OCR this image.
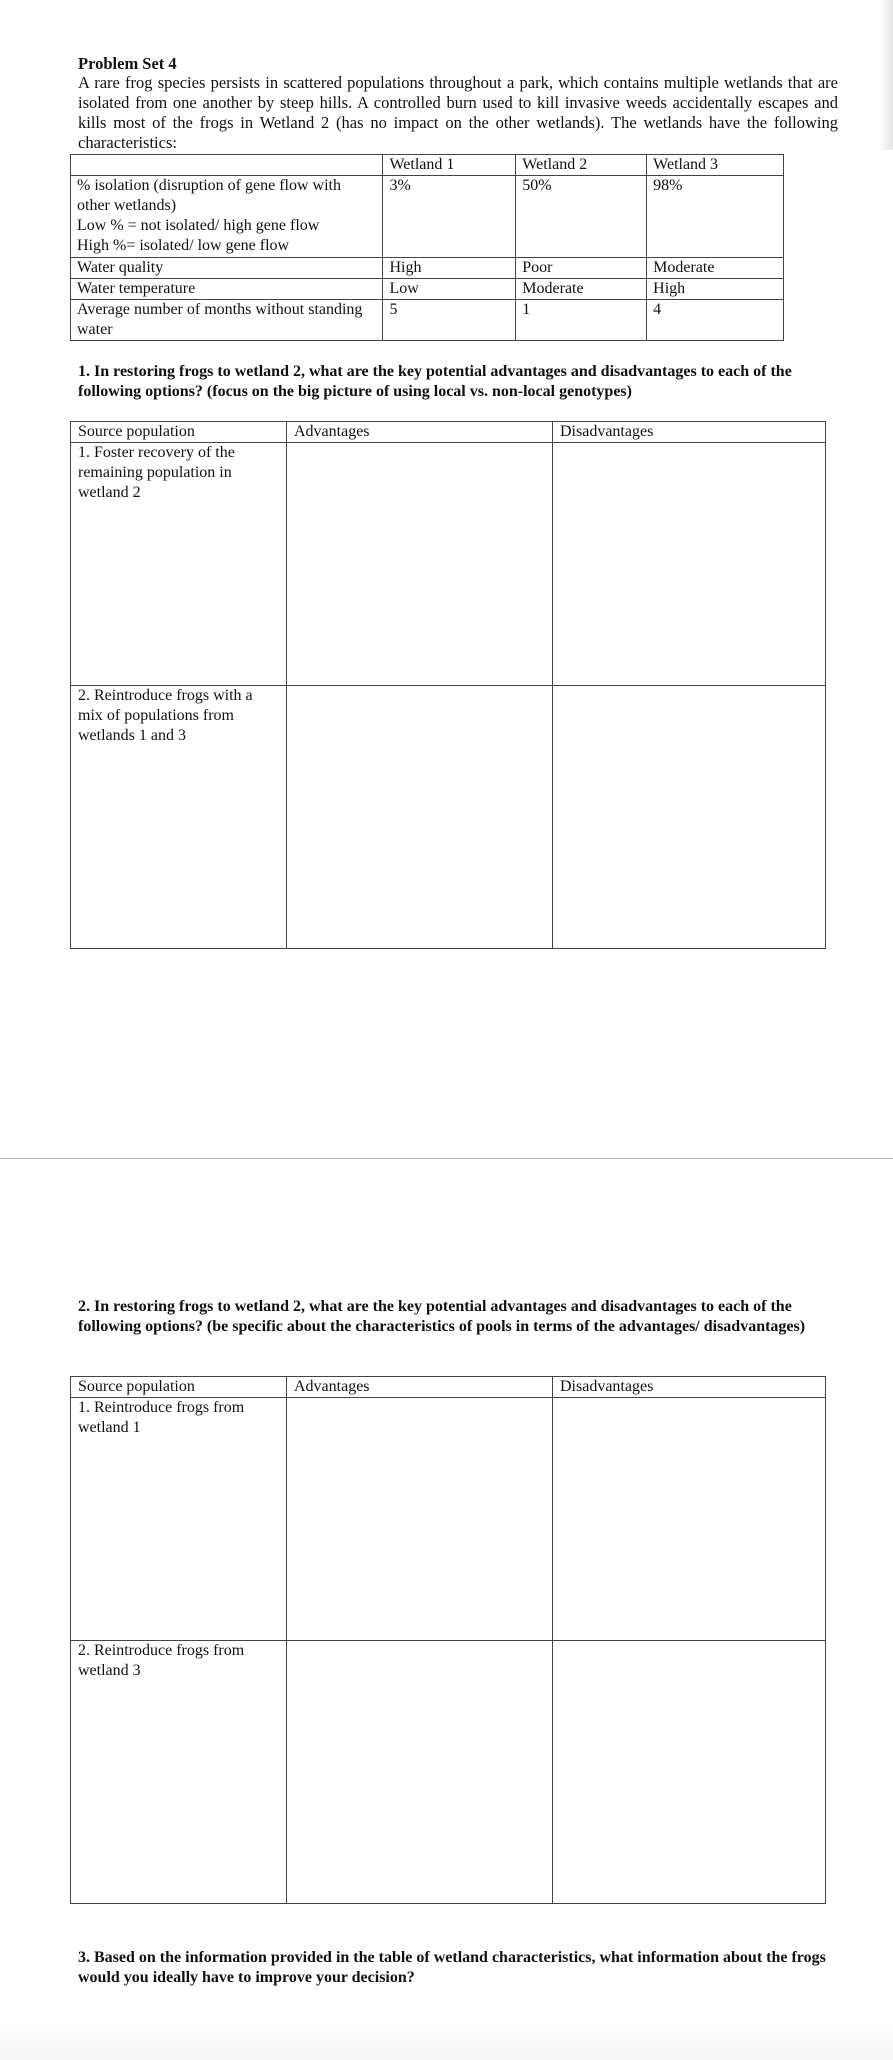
Problem Set 4
A rare frog species persists in scattered populations throughout a park, which contains multiple wetlands that are isolated from one another by steep hills. A controlled burn used to kill invasive weeds accidentally escapes and kills most of the frogs in Wetland 2 (has no impact on the other wetlands). The wetlands have the following characteristics:
	Wetland 1	Wetland 2	Wetland 3

% isolation (disruption of gene flow with other wetlands)
Low % = not isolated/ high gene flow
High %= isolated/ low gene flow	3%	50%	98%
Water quality	High	Poor	Moderate
Water temperature	Low	Moderate	High
Average number of months without standing water	5	1	4
1. In restoring frogs to wetland 2, what are the key potential advantages and disadvantages to each of the following options? (focus on the big picture of using local vs. non-local genotypes)
Source population	Advantages	Disadvantages
1. Foster recovery of the remaining population in wetland 2		
2. Reintroduce frogs with a mix of populations from wetlands 1 and 3		
2. In restoring frogs to wetland 2, what are the key potential advantages and disadvantages to each of the following options? (be specific about the characteristics of pools in terms of the advantages/ disadvantages)
Source population	Advantages	Disadvantages
1. Reintroduce frogs from wetland 1		
2. Reintroduce frogs from wetland 3		
3. Based on the information provided in the table of wetland characteristics, what information about the frogs would you ideally have to improve your decision?
